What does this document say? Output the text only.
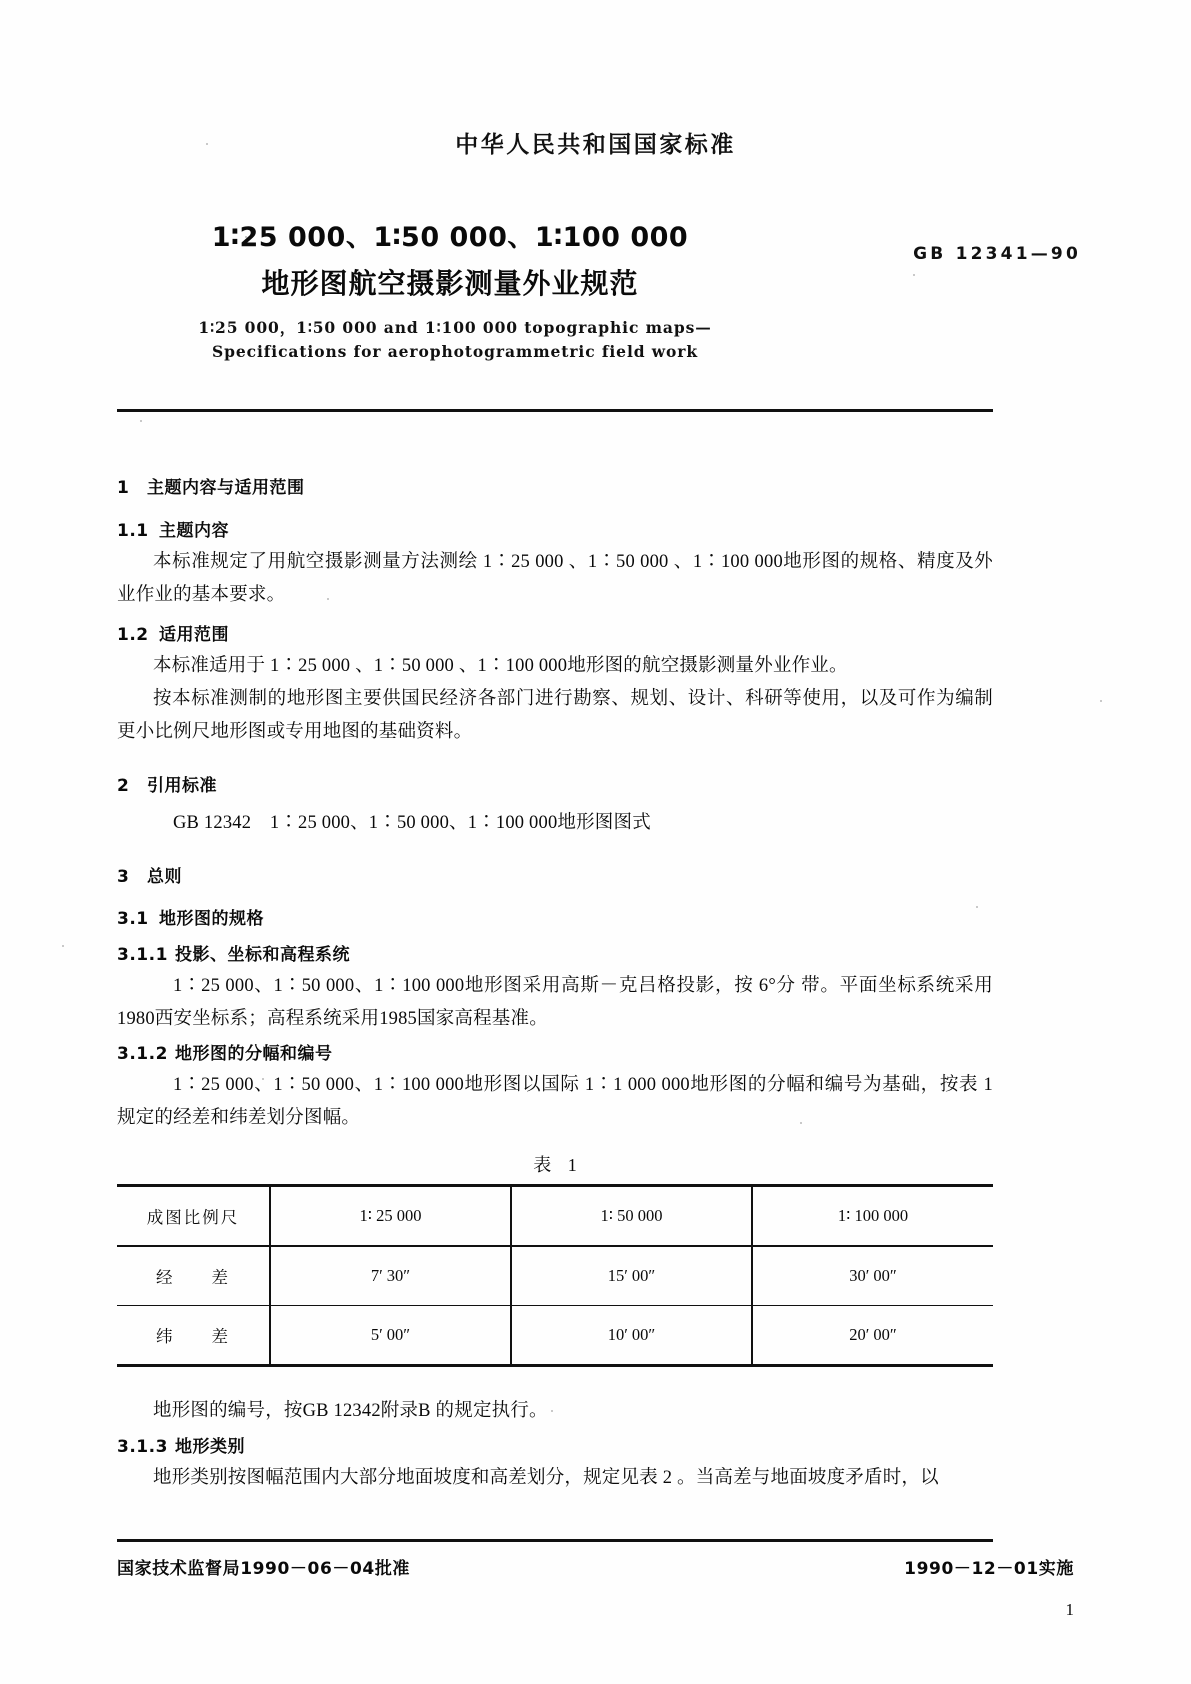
中华人民共和国国家标准
1∶25 000、1∶50 000、1∶100 000
地形图航空摄影测量外业规范
GB 12341—90
1∶25 000，1∶50 000 and 1∶100 000 topographic maps—
Specifications for aerophotogrammetric field work
1 主题内容与适用范围
1.1 主题内容

本标准规定了用航空摄影测量方法测绘 1∶25 000 、1∶50 000 、1∶100 000地形图的规格、精度及外业作业的基本要求。

1.2 适用范围

本标准适用于 1∶25 000 、1∶50 000 、1∶100 000地形图的航空摄影测量外业作业。

按本标准测制的地形图主要供国民经济各部门进行勘察、规划、设计、科研等使用，以及可作为编制更小比例尺地形图或专用地图的基础资料。

2 引用标准

GB 12342　1∶25 000、1∶50 000、1∶100 000地形图图式

3 总则
3.1 地形图的规格
3.1.1 投影、坐标和高程系统

1∶25 000、1∶50 000、1∶100 000地形图采用高斯－克吕格投影，按 6°分 带。平面坐标系统采用1980西安坐标系；高程系统采用1985国家高程基准。

3.1.2 地形图的分幅和编号

1∶25 000、1∶50 000、1∶100 000地形图以国际 1∶1 000 000地形图的分幅和编号为基础，按表 1 规定的经差和纬差划分图幅。

表 1
成图比例尺	1∶ 25 000	1∶ 50 000	1∶ 100 000
经　　差	7′ 30″	15′ 00″	30′ 00″
纬　　差	5′ 00″	10′ 00″	20′ 00″

地形图的编号，按GB 12342附录B 的规定执行。

3.1.3 地形类别

地形类别按图幅范围内大部分地面坡度和高差划分，规定见表 2 。当高差与地面坡度矛盾时，以

国家技术监督局1990－06－04批准	1990－12－01实施
1
